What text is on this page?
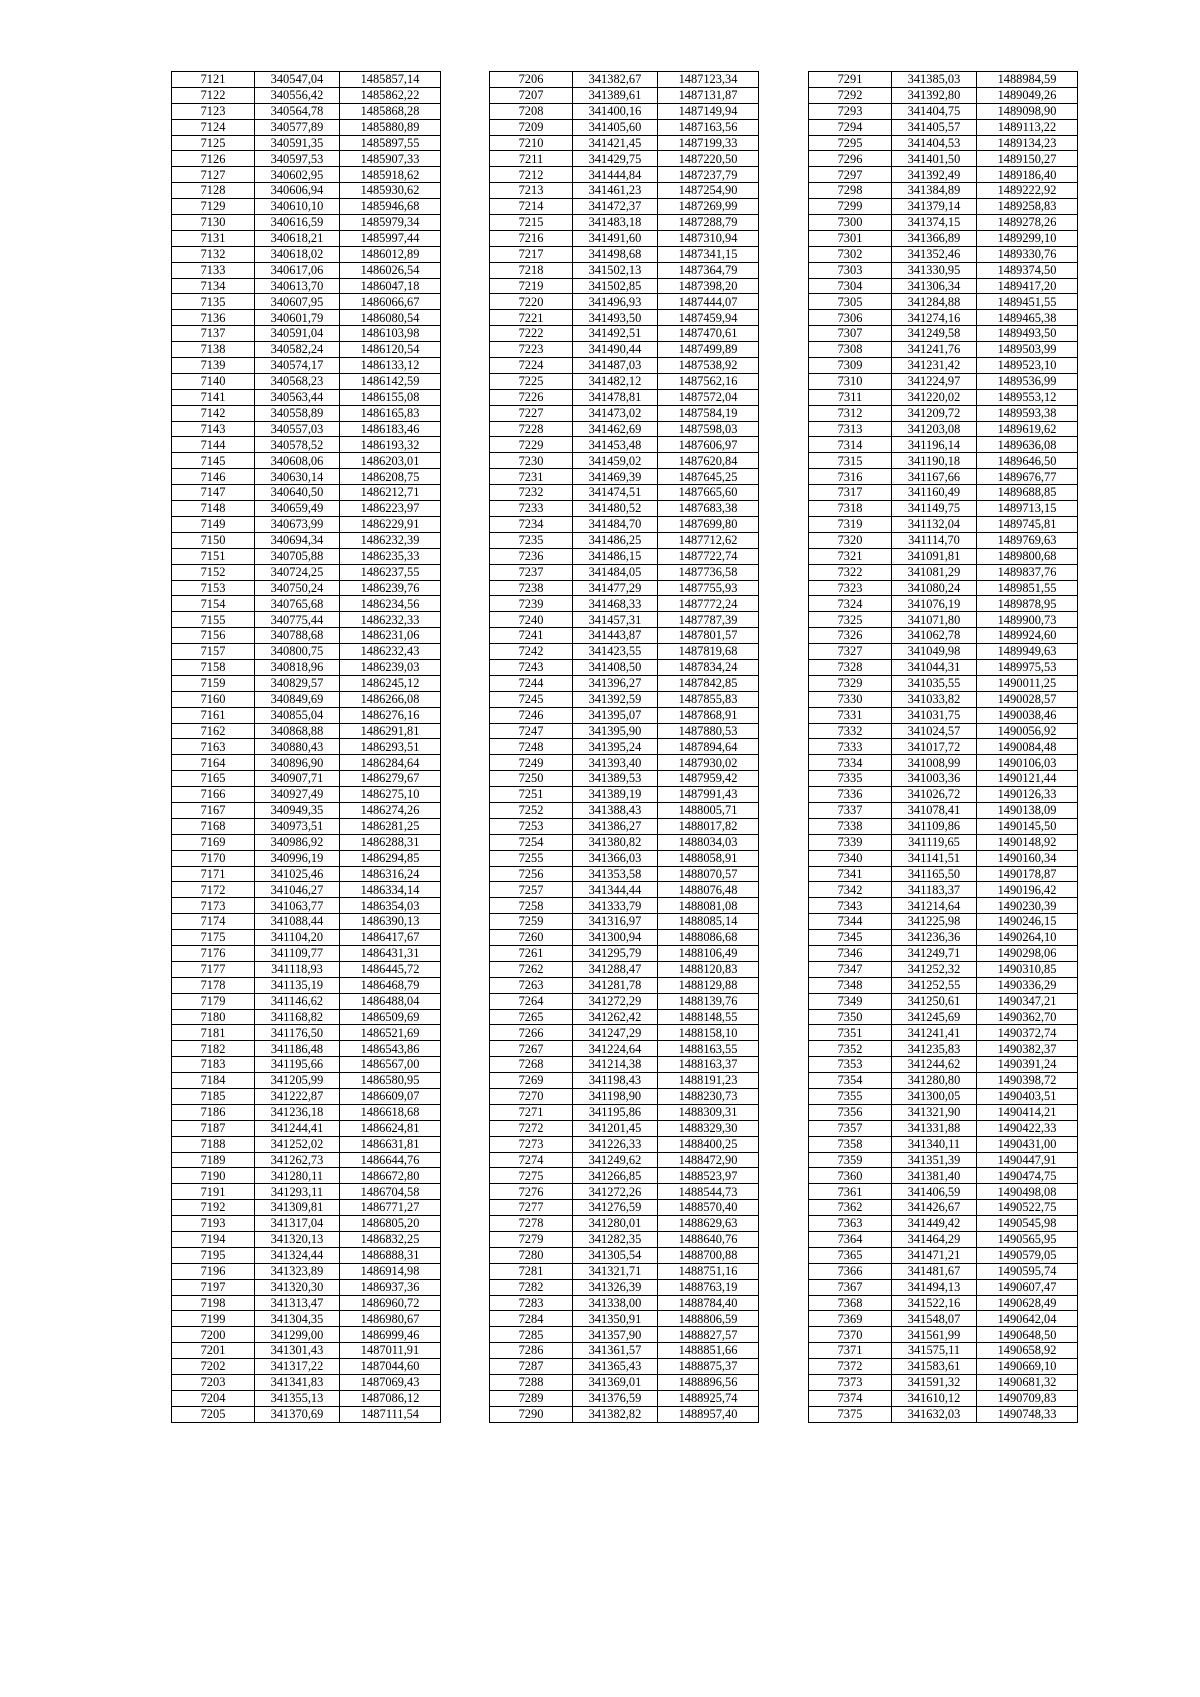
7121	340547,04	1485857,14
7122	340556,42	1485862,22
7123	340564,78	1485868,28
7124	340577,89	1485880,89
7125	340591,35	1485897,55
7126	340597,53	1485907,33
7127	340602,95	1485918,62
7128	340606,94	1485930,62
7129	340610,10	1485946,68
7130	340616,59	1485979,34
7131	340618,21	1485997,44
7132	340618,02	1486012,89
7133	340617,06	1486026,54
7134	340613,70	1486047,18
7135	340607,95	1486066,67
7136	340601,79	1486080,54
7137	340591,04	1486103,98
7138	340582,24	1486120,54
7139	340574,17	1486133,12
7140	340568,23	1486142,59
7141	340563,44	1486155,08
7142	340558,89	1486165,83
7143	340557,03	1486183,46
7144	340578,52	1486193,32
7145	340608,06	1486203,01
7146	340630,14	1486208,75
7147	340640,50	1486212,71
7148	340659,49	1486223,97
7149	340673,99	1486229,91
7150	340694,34	1486232,39
7151	340705,88	1486235,33
7152	340724,25	1486237,55
7153	340750,24	1486239,76
7154	340765,68	1486234,56
7155	340775,44	1486232,33
7156	340788,68	1486231,06
7157	340800,75	1486232,43
7158	340818,96	1486239,03
7159	340829,57	1486245,12
7160	340849,69	1486266,08
7161	340855,04	1486276,16
7162	340868,88	1486291,81
7163	340880,43	1486293,51
7164	340896,90	1486284,64
7165	340907,71	1486279,67
7166	340927,49	1486275,10
7167	340949,35	1486274,26
7168	340973,51	1486281,25
7169	340986,92	1486288,31
7170	340996,19	1486294,85
7171	341025,46	1486316,24
7172	341046,27	1486334,14
7173	341063,77	1486354,03
7174	341088,44	1486390,13
7175	341104,20	1486417,67
7176	341109,77	1486431,31
7177	341118,93	1486445,72
7178	341135,19	1486468,79
7179	341146,62	1486488,04
7180	341168,82	1486509,69
7181	341176,50	1486521,69
7182	341186,48	1486543,86
7183	341195,66	1486567,00
7184	341205,99	1486580,95
7185	341222,87	1486609,07
7186	341236,18	1486618,68
7187	341244,41	1486624,81
7188	341252,02	1486631,81
7189	341262,73	1486644,76
7190	341280,11	1486672,80
7191	341293,11	1486704,58
7192	341309,81	1486771,27
7193	341317,04	1486805,20
7194	341320,13	1486832,25
7195	341324,44	1486888,31
7196	341323,89	1486914,98
7197	341320,30	1486937,36
7198	341313,47	1486960,72
7199	341304,35	1486980,67
7200	341299,00	1486999,46
7201	341301,43	1487011,91
7202	341317,22	1487044,60
7203	341341,83	1487069,43
7204	341355,13	1487086,12
7205	341370,69	1487111,54
7206	341382,67	1487123,34
7207	341389,61	1487131,87
7208	341400,16	1487149,94
7209	341405,60	1487163,56
7210	341421,45	1487199,33
7211	341429,75	1487220,50
7212	341444,84	1487237,79
7213	341461,23	1487254,90
7214	341472,37	1487269,99
7215	341483,18	1487288,79
7216	341491,60	1487310,94
7217	341498,68	1487341,15
7218	341502,13	1487364,79
7219	341502,85	1487398,20
7220	341496,93	1487444,07
7221	341493,50	1487459,94
7222	341492,51	1487470,61
7223	341490,44	1487499,89
7224	341487,03	1487538,92
7225	341482,12	1487562,16
7226	341478,81	1487572,04
7227	341473,02	1487584,19
7228	341462,69	1487598,03
7229	341453,48	1487606,97
7230	341459,02	1487620,84
7231	341469,39	1487645,25
7232	341474,51	1487665,60
7233	341480,52	1487683,38
7234	341484,70	1487699,80
7235	341486,25	1487712,62
7236	341486,15	1487722,74
7237	341484,05	1487736,58
7238	341477,29	1487755,93
7239	341468,33	1487772,24
7240	341457,31	1487787,39
7241	341443,87	1487801,57
7242	341423,55	1487819,68
7243	341408,50	1487834,24
7244	341396,27	1487842,85
7245	341392,59	1487855,83
7246	341395,07	1487868,91
7247	341395,90	1487880,53
7248	341395,24	1487894,64
7249	341393,40	1487930,02
7250	341389,53	1487959,42
7251	341389,19	1487991,43
7252	341388,43	1488005,71
7253	341386,27	1488017,82
7254	341380,82	1488034,03
7255	341366,03	1488058,91
7256	341353,58	1488070,57
7257	341344,44	1488076,48
7258	341333,79	1488081,08
7259	341316,97	1488085,14
7260	341300,94	1488086,68
7261	341295,79	1488106,49
7262	341288,47	1488120,83
7263	341281,78	1488129,88
7264	341272,29	1488139,76
7265	341262,42	1488148,55
7266	341247,29	1488158,10
7267	341224,64	1488163,55
7268	341214,38	1488163,37
7269	341198,43	1488191,23
7270	341198,90	1488230,73
7271	341195,86	1488309,31
7272	341201,45	1488329,30
7273	341226,33	1488400,25
7274	341249,62	1488472,90
7275	341266,85	1488523,97
7276	341272,26	1488544,73
7277	341276,59	1488570,40
7278	341280,01	1488629,63
7279	341282,35	1488640,76
7280	341305,54	1488700,88
7281	341321,71	1488751,16
7282	341326,39	1488763,19
7283	341338,00	1488784,40
7284	341350,91	1488806,59
7285	341357,90	1488827,57
7286	341361,57	1488851,66
7287	341365,43	1488875,37
7288	341369,01	1488896,56
7289	341376,59	1488925,74
7290	341382,82	1488957,40
7291	341385,03	1488984,59
7292	341392,80	1489049,26
7293	341404,75	1489098,90
7294	341405,57	1489113,22
7295	341404,53	1489134,23
7296	341401,50	1489150,27
7297	341392,49	1489186,40
7298	341384,89	1489222,92
7299	341379,14	1489258,83
7300	341374,15	1489278,26
7301	341366,89	1489299,10
7302	341352,46	1489330,76
7303	341330,95	1489374,50
7304	341306,34	1489417,20
7305	341284,88	1489451,55
7306	341274,16	1489465,38
7307	341249,58	1489493,50
7308	341241,76	1489503,99
7309	341231,42	1489523,10
7310	341224,97	1489536,99
7311	341220,02	1489553,12
7312	341209,72	1489593,38
7313	341203,08	1489619,62
7314	341196,14	1489636,08
7315	341190,18	1489646,50
7316	341167,66	1489676,77
7317	341160,49	1489688,85
7318	341149,75	1489713,15
7319	341132,04	1489745,81
7320	341114,70	1489769,63
7321	341091,81	1489800,68
7322	341081,29	1489837,76
7323	341080,24	1489851,55
7324	341076,19	1489878,95
7325	341071,80	1489900,73
7326	341062,78	1489924,60
7327	341049,98	1489949,63
7328	341044,31	1489975,53
7329	341035,55	1490011,25
7330	341033,82	1490028,57
7331	341031,75	1490038,46
7332	341024,57	1490056,92
7333	341017,72	1490084,48
7334	341008,99	1490106,03
7335	341003,36	1490121,44
7336	341026,72	1490126,33
7337	341078,41	1490138,09
7338	341109,86	1490145,50
7339	341119,65	1490148,92
7340	341141,51	1490160,34
7341	341165,50	1490178,87
7342	341183,37	1490196,42
7343	341214,64	1490230,39
7344	341225,98	1490246,15
7345	341236,36	1490264,10
7346	341249,71	1490298,06
7347	341252,32	1490310,85
7348	341252,55	1490336,29
7349	341250,61	1490347,21
7350	341245,69	1490362,70
7351	341241,41	1490372,74
7352	341235,83	1490382,37
7353	341244,62	1490391,24
7354	341280,80	1490398,72
7355	341300,05	1490403,51
7356	341321,90	1490414,21
7357	341331,88	1490422,33
7358	341340,11	1490431,00
7359	341351,39	1490447,91
7360	341381,40	1490474,75
7361	341406,59	1490498,08
7362	341426,67	1490522,75
7363	341449,42	1490545,98
7364	341464,29	1490565,95
7365	341471,21	1490579,05
7366	341481,67	1490595,74
7367	341494,13	1490607,47
7368	341522,16	1490628,49
7369	341548,07	1490642,04
7370	341561,99	1490648,50
7371	341575,11	1490658,92
7372	341583,61	1490669,10
7373	341591,32	1490681,32
7374	341610,12	1490709,83
7375	341632,03	1490748,33
